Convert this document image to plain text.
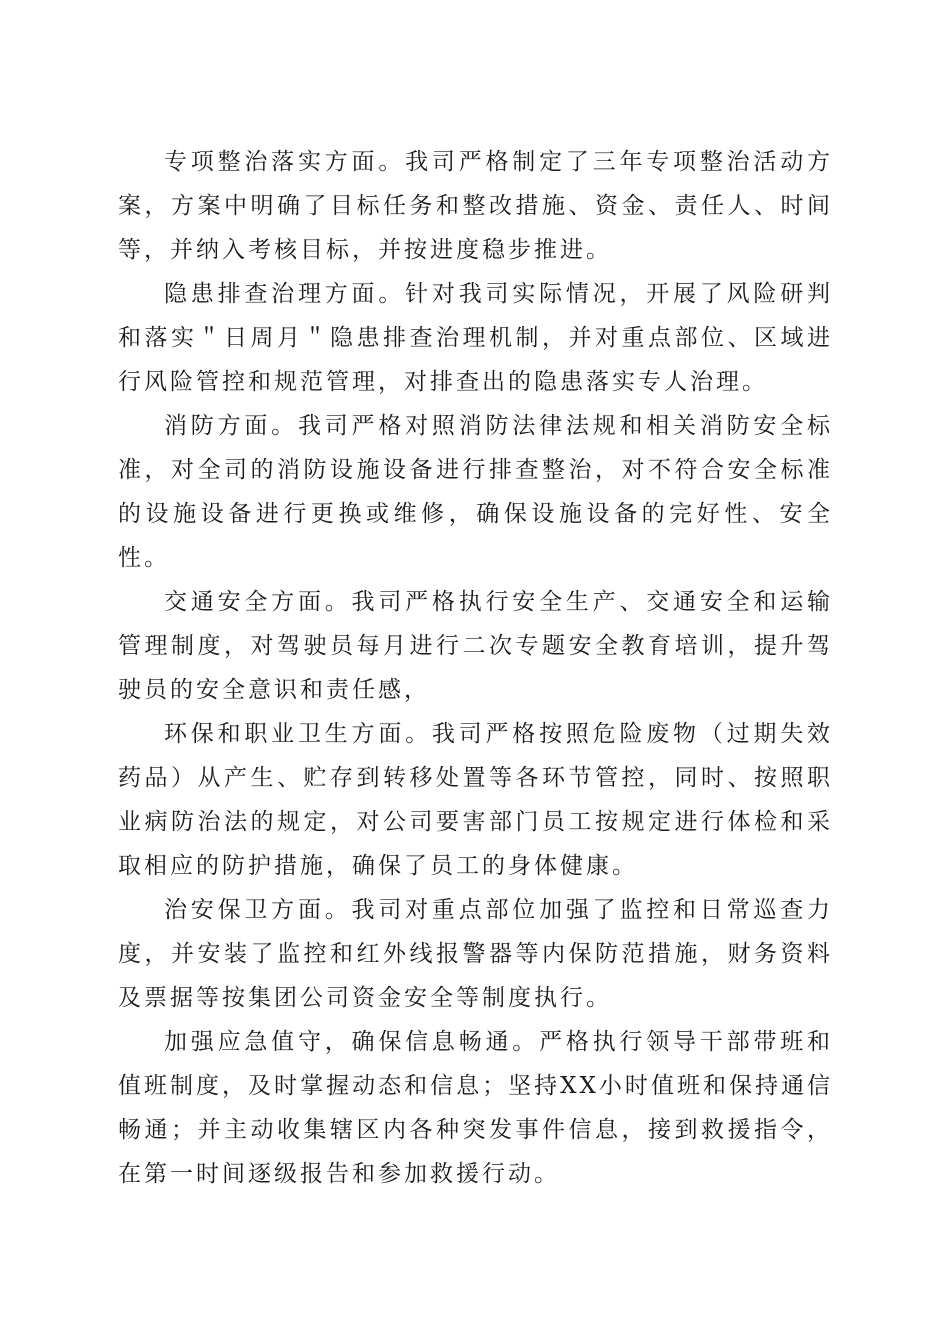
专项整治落实方面。我司严格制定了三年专项整治活动方案，方案中明确了目标任务和整改措施、资金、责任人、时间等，并纳入考核目标，并按进度稳步推进。

隐患排查治理方面。针对我司实际情况，开展了风险研判和落实＂日周月＂隐患排查治理机制，并对重点部位、区域进行风险管控和规范管理，对排查出的隐患落实专人治理。

消防方面。我司严格对照消防法律法规和相关消防安全标准，对全司的消防设施设备进行排查整治，对不符合安全标准的设施设备进行更换或维修，确保设施设备的完好性、安全性。

交通安全方面。我司严格执行安全生产、交通安全和运输管理制度，对驾驶员每月进行二次专题安全教育培训，提升驾驶员的安全意识和责任感，

环保和职业卫生方面。我司严格按照危险废物（过期失效药品）从产生、贮存到转移处置等各环节管控，同时、按照职业病防治法的规定，对公司要害部门员工按规定进行体检和采取相应的防护措施，确保了员工的身体健康。

治安保卫方面。我司对重点部位加强了监控和日常巡查力度，并安装了监控和红外线报警器等内保防范措施，财务资料及票据等按集团公司资金安全等制度执行。

加强应急值守，确保信息畅通。严格执行领导干部带班和值班制度，及时掌握动态和信息；坚持XX小时值班和保持通信畅通；并主动收集辖区内各种突发事件信息，接到救援指令，在第一时间逐级报告和参加救援行动。
